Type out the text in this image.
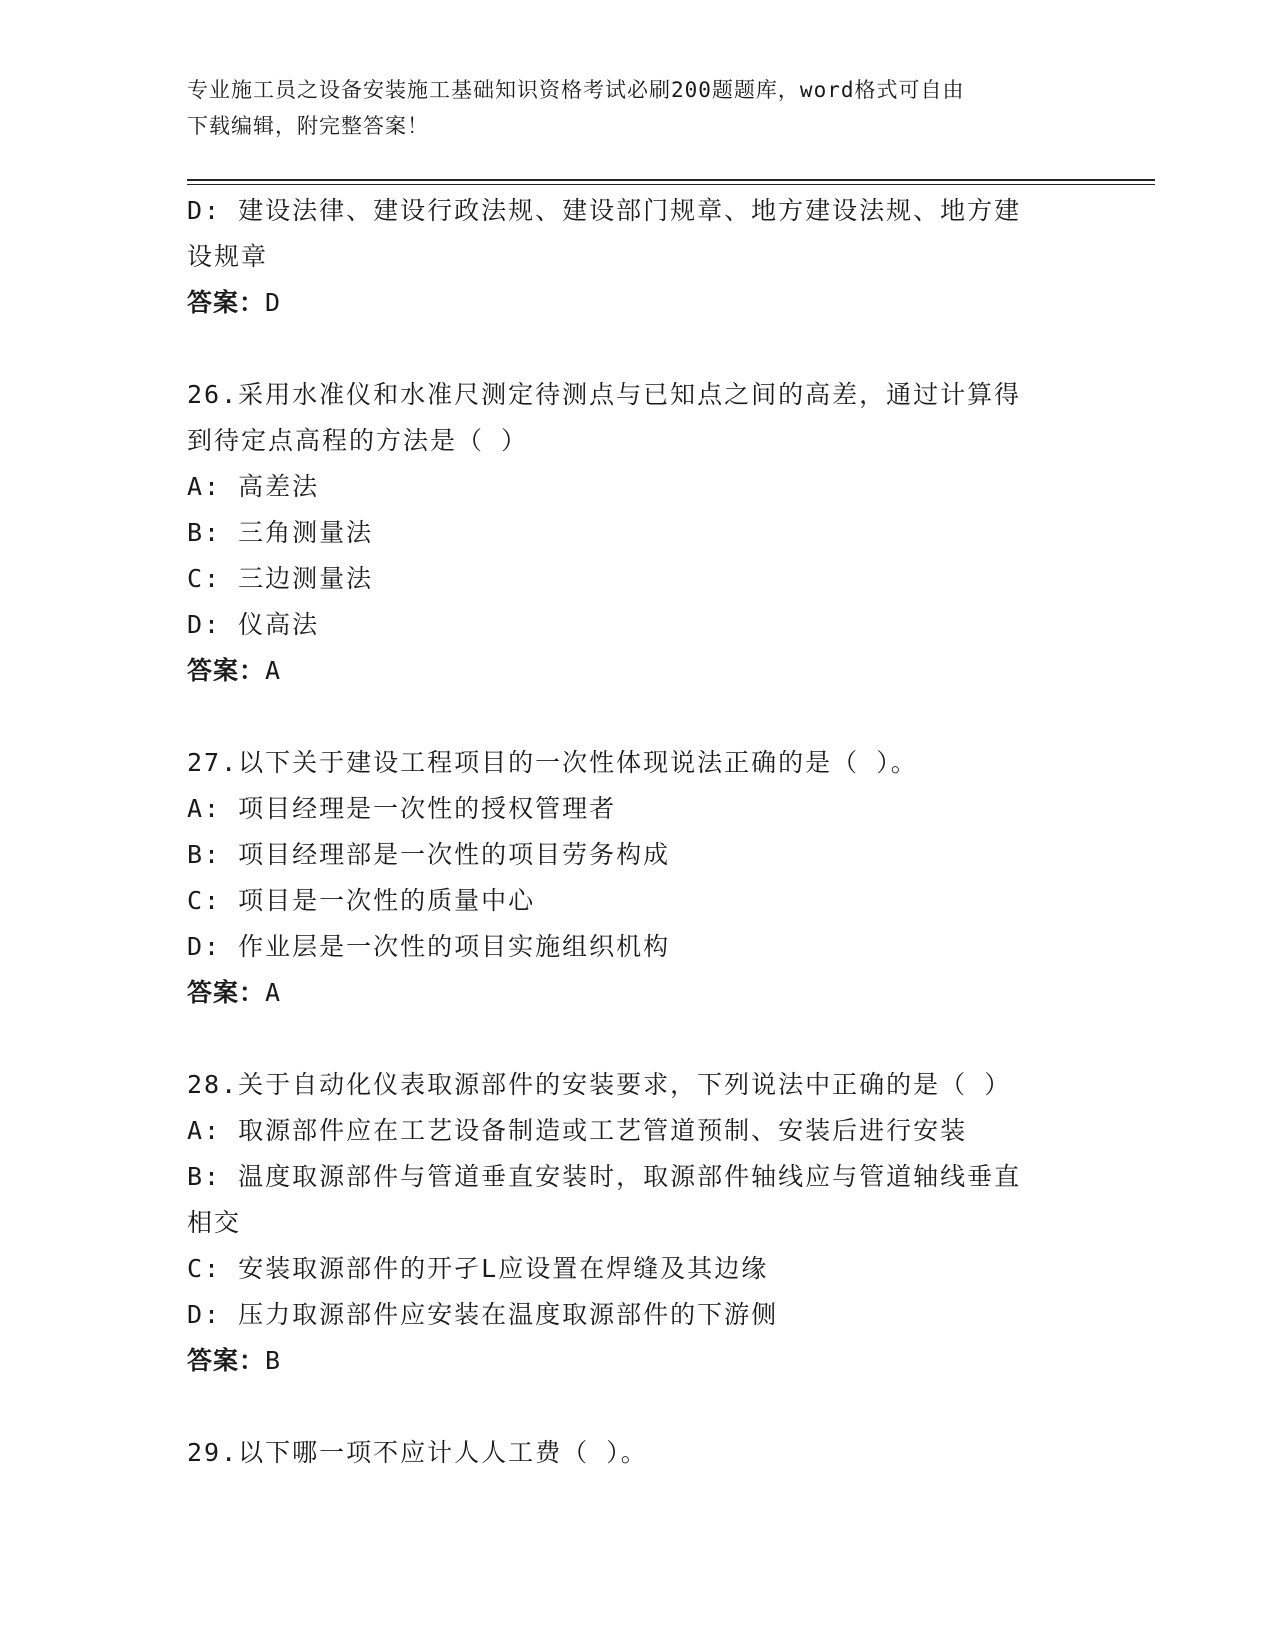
专业施工员之设备安装施工基础知识资格考试必刷200题题库，word格式可自由
下载编辑，附完整答案！
D: 建设法律、建设行政法规、建设部门规章、地方建设法规、地方建
设规章
答案：D
26.采用水准仪和水准尺测定待测点与已知点之间的高差，通过计算得
到待定点高程的方法是（ ）
A: 高差法
B: 三角测量法
C: 三边测量法
D: 仪高法
答案：A
27.以下关于建设工程项目的一次性体现说法正确的是（ ）。
A: 项目经理是一次性的授权管理者
B: 项目经理部是一次性的项目劳务构成
C: 项目是一次性的质量中心
D: 作业层是一次性的项目实施组织机构
答案：A
28.关于自动化仪表取源部件的安装要求，下列说法中正确的是（ ）
A: 取源部件应在工艺设备制造或工艺管道预制、安装后进行安装
B: 温度取源部件与管道垂直安装时，取源部件轴线应与管道轴线垂直
相交
C: 安装取源部件的开孑L应设置在焊缝及其边缘
D: 压力取源部件应安装在温度取源部件的下游侧
答案：B
29.以下哪一项不应计人人工费（ ）。
